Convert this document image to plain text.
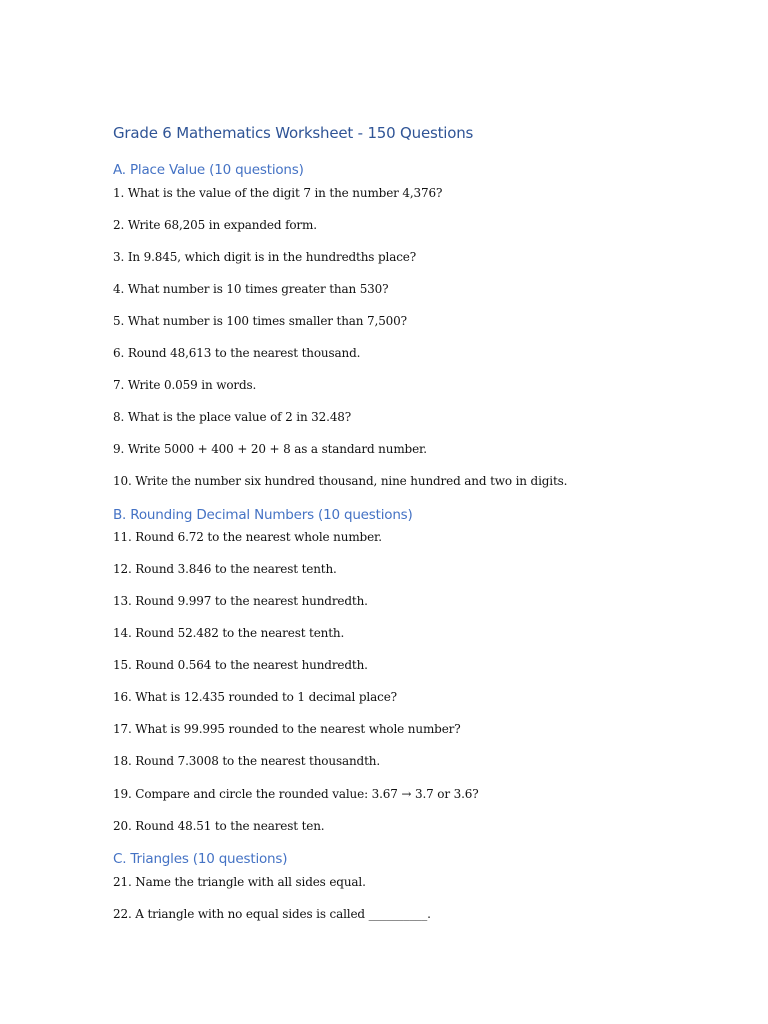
Grade 6 Mathematics Worksheet - 150 Questions
A. Place Value (10 questions)

1. What is the value of the digit 7 in the number 4,376?

2. Write 68,205 in expanded form.

3. In 9.845, which digit is in the hundredths place?

4. What number is 10 times greater than 530?

5. What number is 100 times smaller than 7,500?

6. Round 48,613 to the nearest thousand.

7. Write 0.059 in words.

8. What is the place value of 2 in 32.48?

9. Write 5000 + 400 + 20 + 8 as a standard number.

10. Write the number six hundred thousand, nine hundred and two in digits.

B. Rounding Decimal Numbers (10 questions)

11. Round 6.72 to the nearest whole number.

12. Round 3.846 to the nearest tenth.

13. Round 9.997 to the nearest hundredth.

14. Round 52.482 to the nearest tenth.

15. Round 0.564 to the nearest hundredth.

16. What is 12.435 rounded to 1 decimal place?

17. What is 99.995 rounded to the nearest whole number?

18. Round 7.3008 to the nearest thousandth.

19. Compare and circle the rounded value: 3.67 → 3.7 or 3.6?

20. Round 48.51 to the nearest ten.

C. Triangles (10 questions)

21. Name the triangle with all sides equal.

22. A triangle with no equal sides is called __________.
